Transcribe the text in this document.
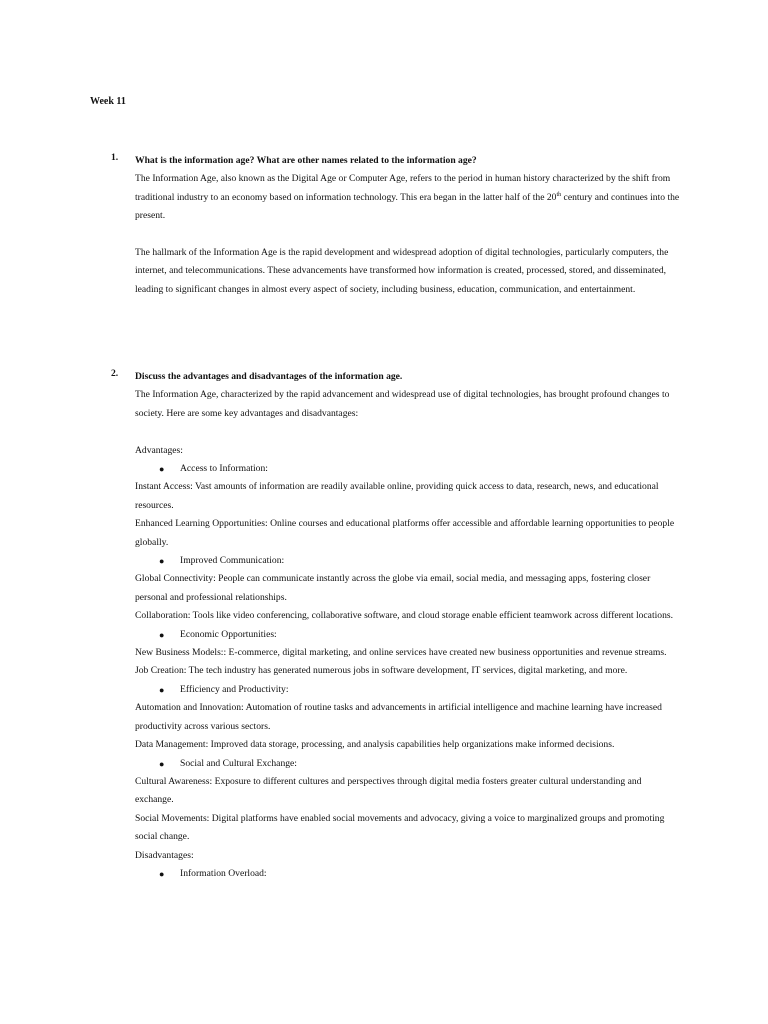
Week 11
1. What is the information age? What are other names related to the information age?

The Information Age, also known as the Digital Age or Computer Age, refers to the period in human history characterized by the shift from traditional industry to an economy based on information technology. This era began in the latter half of the 20th century and continues into the present.

The hallmark of the Information Age is the rapid development and widespread adoption of digital technologies, particularly computers, the internet, and telecommunications. These advancements have transformed how information is created, processed, stored, and disseminated, leading to significant changes in almost every aspect of society, including business, education, communication, and entertainment.

2. Discuss the advantages and disadvantages of the information age.

The Information Age, characterized by the rapid advancement and widespread use of digital technologies, has brought profound changes to society. Here are some key advantages and disadvantages:

Advantages:

● Access to Information:

Instant Access: Vast amounts of information are readily available online, providing quick access to data, research, news, and educational resources.

Enhanced Learning Opportunities: Online courses and educational platforms offer accessible and affordable learning opportunities to people globally.

● Improved Communication:

Global Connectivity: People can communicate instantly across the globe via email, social media, and messaging apps, fostering closer personal and professional relationships.

Collaboration: Tools like video conferencing, collaborative software, and cloud storage enable efficient teamwork across different locations.

● Economic Opportunities:

New Business Models:: E-commerce, digital marketing, and online services have created new business opportunities and revenue streams.

Job Creation: The tech industry has generated numerous jobs in software development, IT services, digital marketing, and more.

● Efficiency and Productivity:

Automation and Innovation: Automation of routine tasks and advancements in artificial intelligence and machine learning have increased productivity across various sectors.

Data Management: Improved data storage, processing, and analysis capabilities help organizations make informed decisions.

● Social and Cultural Exchange:

Cultural Awareness: Exposure to different cultures and perspectives through digital media fosters greater cultural understanding and exchange.

Social Movements: Digital platforms have enabled social movements and advocacy, giving a voice to marginalized groups and promoting social change.

Disadvantages:

● Information Overload:
